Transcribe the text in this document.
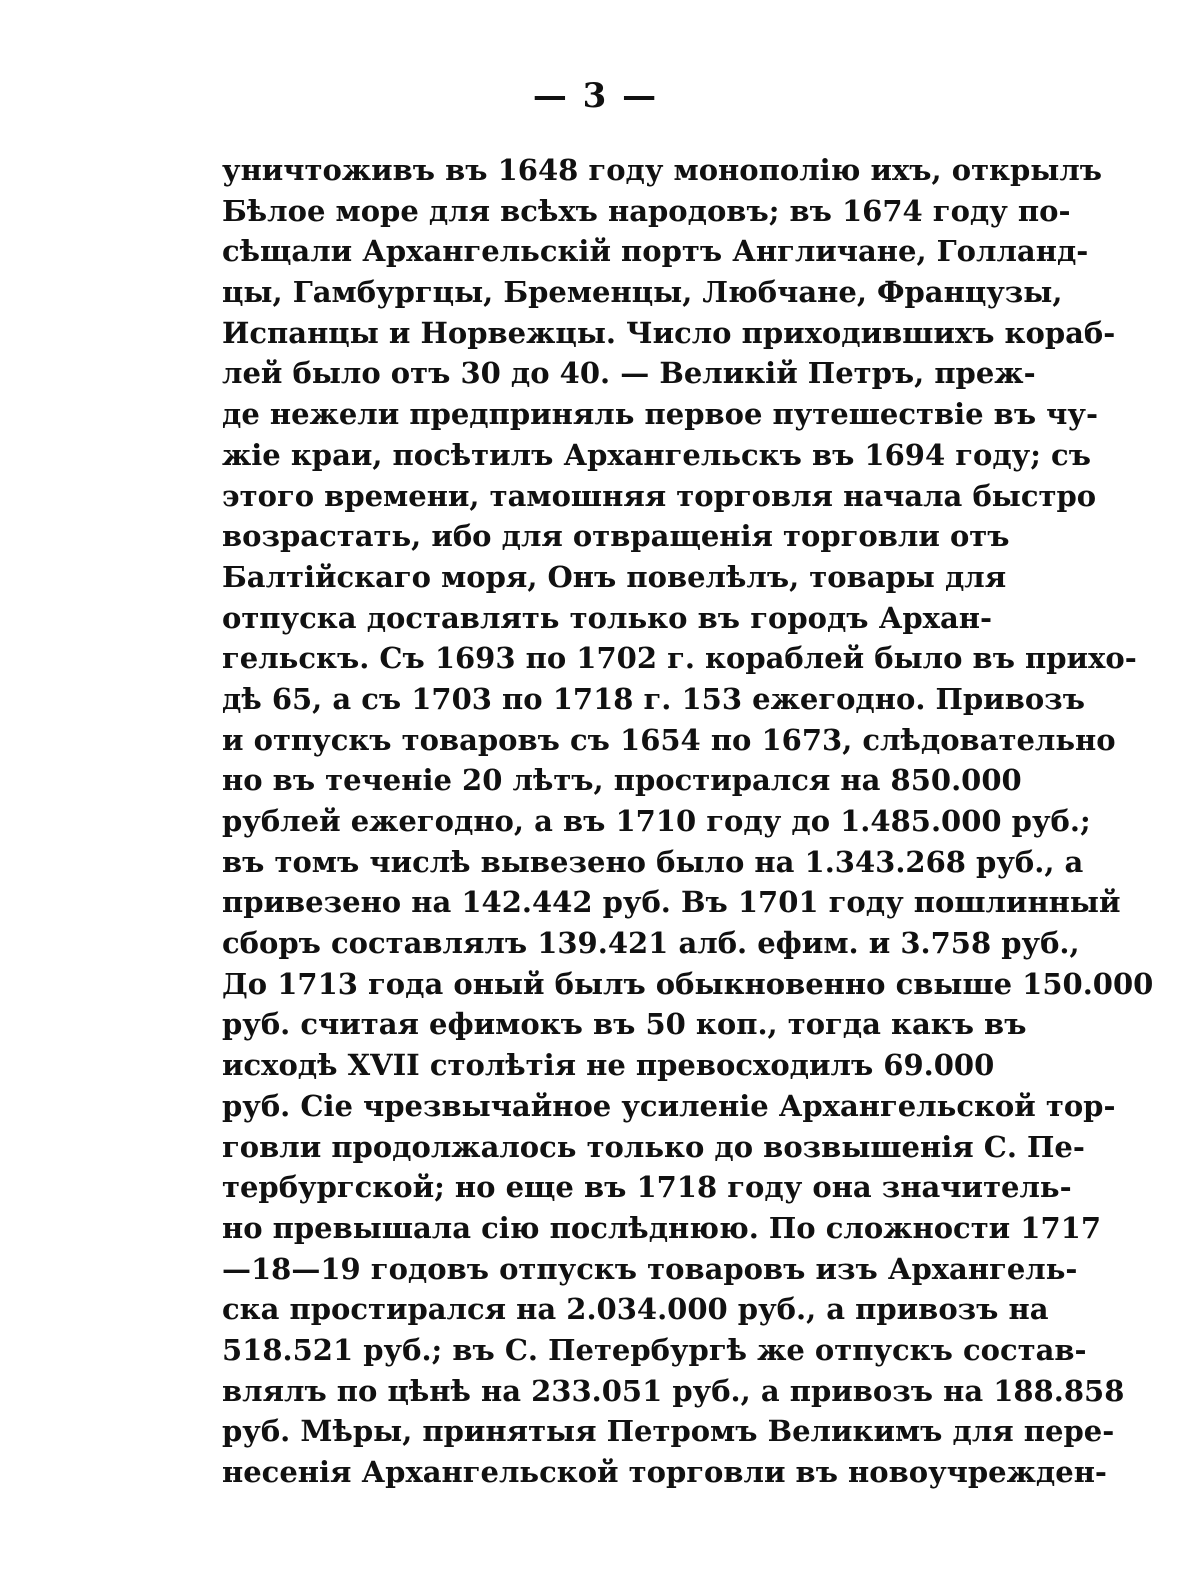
— 3 —
уничтоживъ въ 1648 году монополію ихъ, открылъ
Бѣлое море для всѣхъ народовъ; въ 1674 году по-
сѣщали Архангельскій портъ Англичане, Голланд-
цы, Гамбургцы, Бременцы, Любчане, Французы,
Испанцы и Норвежцы. Число приходившихъ кораб-
лей было отъ 30 до 40. — Великій Петръ, преж-
де нежели предприняль первое путешествіе въ чу-
жіе краи, посѣтилъ Архангельскъ въ 1694 году; съ
этого времени, тамошняя торговля начала быстро
возрастать, ибо для отвращенія торговли отъ
Балтійскаго моря, Онъ повелѣлъ, товары для
отпуска доставлять только въ городъ Архан-
гельскъ. Съ 1693 по 1702 г. кораблей было въ прихо-
дѣ 65, а съ 1703 по 1718 г. 153 ежегодно. Привозъ
и отпускъ товаровъ съ 1654 по 1673, слѣдовательно
но въ теченіе 20 лѣтъ, простирался на 850.000
рублей ежегодно, а въ 1710 году до 1.485.000 руб.;
въ томъ числѣ вывезено было на 1.343.268 руб., а
привезено на 142.442 руб. Въ 1701 году пошлинный
сборъ составлялъ 139.421 алб. ефим. и 3.758 руб.,
До 1713 года оный былъ обыкновенно свыше 150.000
руб. считая ефимокъ въ 50 коп., тогда какъ въ
исходѣ XVII столѣтія не превосходилъ 69.000
руб. Сіе чрезвычайное усиленіе Архангельской тор-
говли продолжалось только до возвышенія С. Пе-
тербургской; но еще въ 1718 году она значитель-
но превышала сію послѣднюю. По сложности 1717
—18—19 годовъ отпускъ товаровъ изъ Архангель-
ска простирался на 2.034.000 руб., а привозъ на
518.521 руб.; въ С. Петербургѣ же отпускъ состав-
влялъ по цѣнѣ на 233.051 руб., а привозъ на 188.858
руб. Мѣры, принятыя Петромъ Великимъ для пере-
несенія Архангельской торговли въ новоучрежден-
